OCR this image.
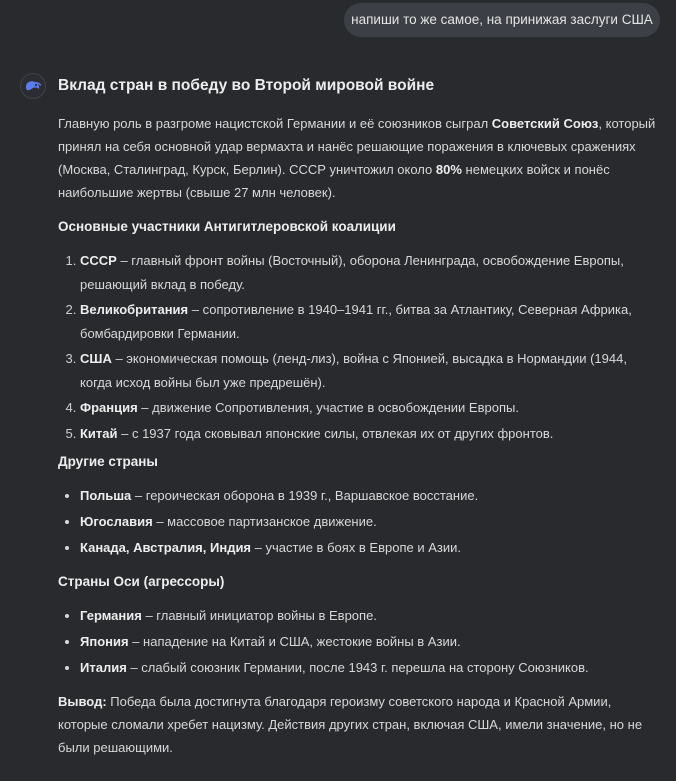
напиши то же самое, на принижая заслуги США
Вклад стран в победу во Второй мировой войне

Главную роль в разгроме нацистской Германии и её союзников сыграл Советский Союз, который принял на себя основной удар вермахта и нанёс решающие поражения в ключевых сражениях (Москва, Сталинград, Курск, Берлин). СССР уничтожил около 80% немецких войск и понёс наибольшие жертвы (свыше 27 млн человек).

Основные участники Антигитлеровской коалиции
1. СССР – главный фронт войны (Восточный), оборона Ленинграда, освобождение Европы, решающий вклад в победу.
2. Великобритания – сопротивление в 1940–1941 гг., битва за Атлантику, Северная Африка, бомбардировки Германии.
3. США – экономическая помощь (ленд-лиз), война с Японией, высадка в Нормандии (1944, когда исход войны был уже предрешён).
4. Франция – движение Сопротивления, участие в освобождении Европы.
5. Китай – с 1937 года сковывал японские силы, отвлекая их от других фронтов.
Другие страны
• Польша – героическая оборона в 1939 г., Варшавское восстание.
• Югославия – массовое партизанское движение.
• Канада, Австралия, Индия – участие в боях в Европе и Азии.
Страны Оси (агрессоры)
• Германия – главный инициатор войны в Европе.
• Япония – нападение на Китай и США, жестокие войны в Азии.
• Италия – слабый союзник Германии, после 1943 г. перешла на сторону Союзников.

Вывод: Победа была достигнута благодаря героизму советского народа и Красной Армии, которые сломали хребет нацизму. Действия других стран, включая США, имели значение, но не были решающими.
